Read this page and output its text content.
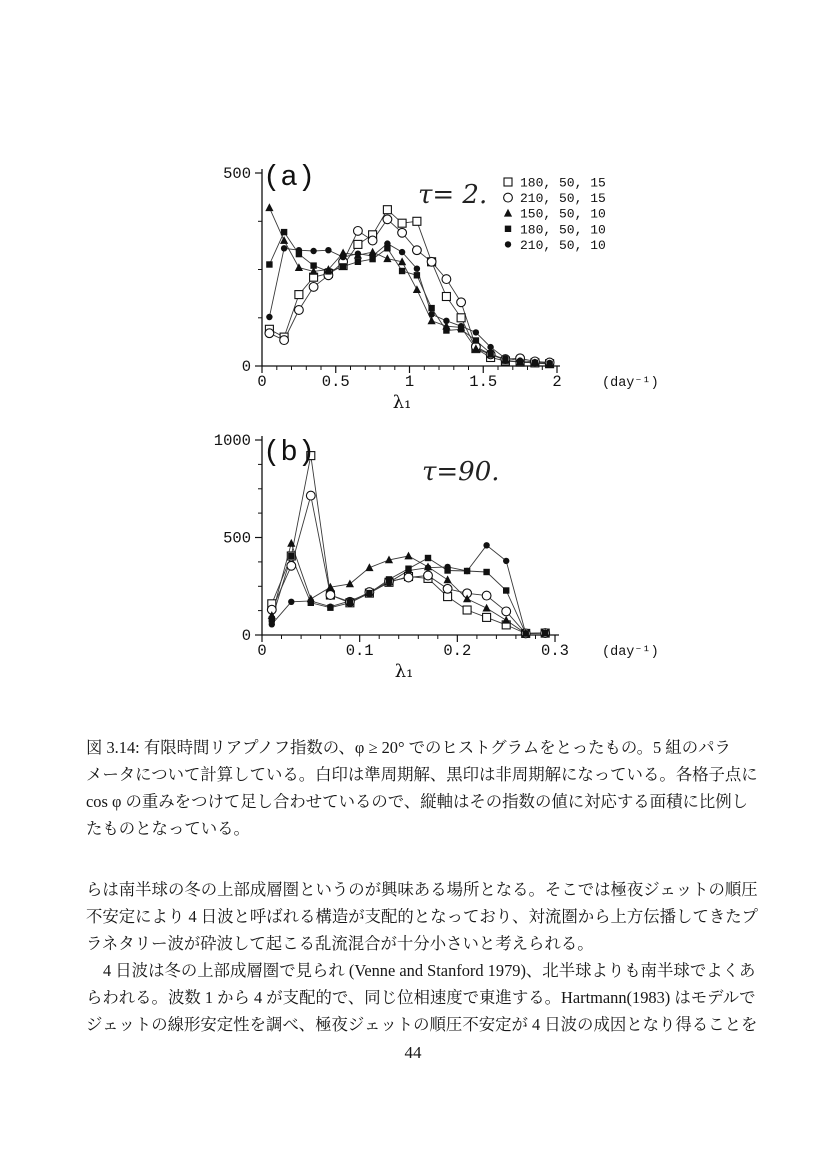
0	0.5	1	1.5	2
0
500 (a)
τ= 2.
λ₁
(day⁻¹)
180, 50, 15
210, 50, 15
150, 50, 10
180, 50, 10
210, 50, 10
0	0.1	0.2	0.3
0
500
1000 (b)
τ=90.
λ₁
(day⁻¹)
図 3.14: 有限時間リアプノフ指数の、φ ≥ 20° でのヒストグラムをとったもの。5 組のパラ
メータについて計算している。白印は準周期解、黒印は非周期解になっている。各格子点に
cos φ の重みをつけて足し合わせているので、縦軸はその指数の値に対応する面積に比例し
たものとなっている。
らは南半球の冬の上部成層圏というのが興味ある場所となる。そこでは極夜ジェットの順圧
不安定により 4 日波と呼ばれる構造が支配的となっており、対流圏から上方伝播してきたプ
ラネタリー波が砕波して起こる乱流混合が十分小さいと考えられる。
4 日波は冬の上部成層圏で見られ (Venne and Stanford 1979)、北半球よりも南半球でよくあ
らわれる。波数 1 から 4 が支配的で、同じ位相速度で東進する。Hartmann(1983) はモデルで
ジェットの線形安定性を調べ、極夜ジェットの順圧不安定が 4 日波の成因となり得ることを
44
